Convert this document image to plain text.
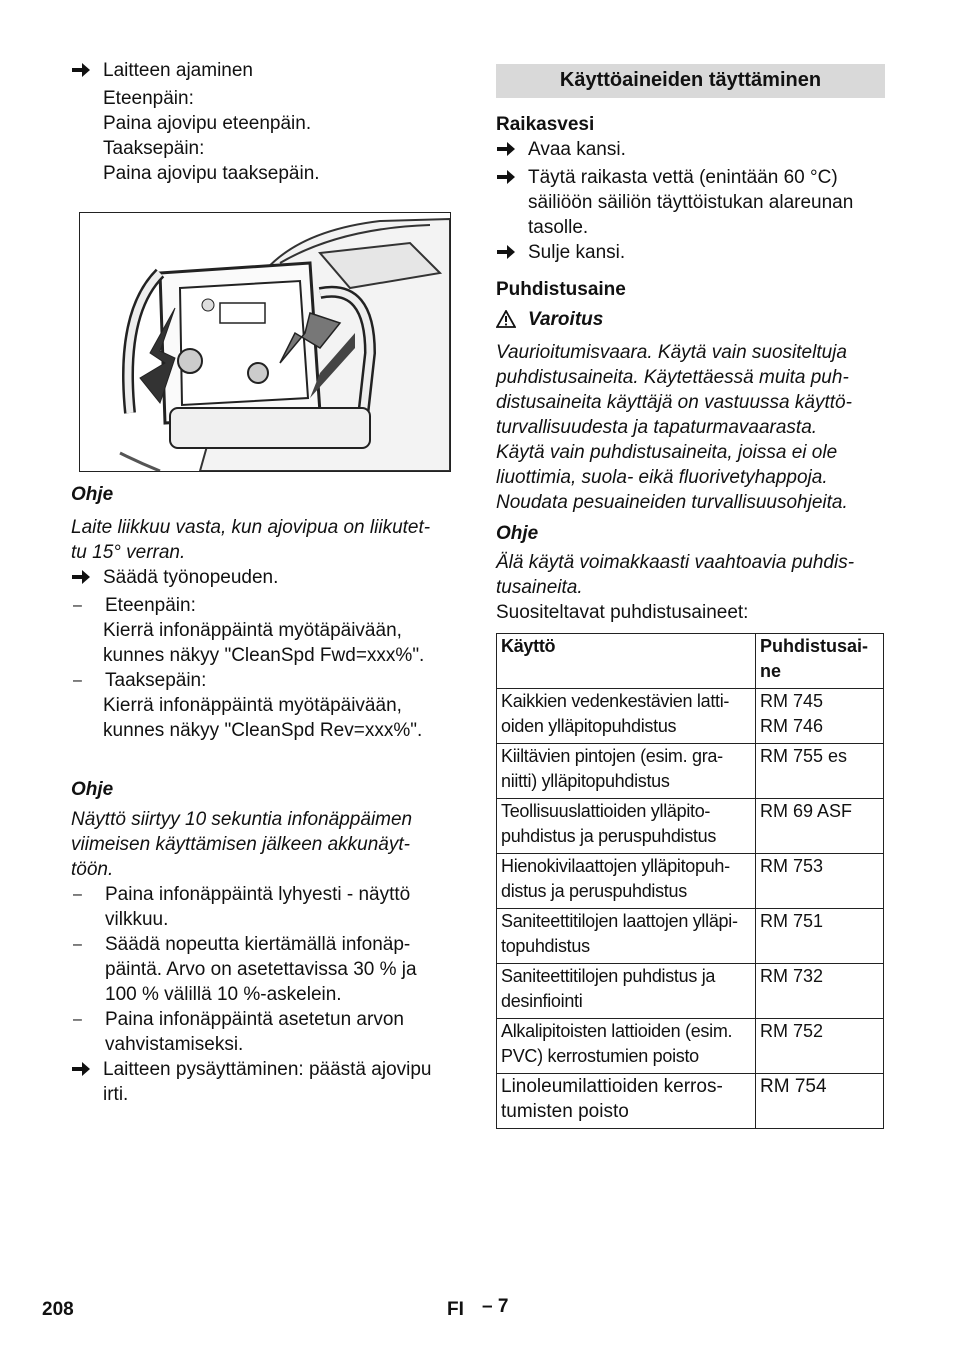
Laitteen ajaminen
Eteenpäin:
Paina ajovipu eteenpäin.
Taaksepäin:
Paina ajovipu taaksepäin.
Ohje
Laite liikkuu vasta, kun ajovipua on liikutet-
tu 15° verran.
Säädä työnopeuden.
–	Eteenpäin:
Kierrä infonäppäintä myötäpäivään,
kunnes näkyy "CleanSpd Fwd=xxx%".
–	Taaksepäin:
Kierrä infonäppäintä myötäpäivään,
kunnes näkyy "CleanSpd Rev=xxx%".
Ohje
Näyttö siirtyy 10 sekuntia infonäppäimen
viimeisen käyttämisen jälkeen akkunäyt-
töön.
–	Paina infonäppäintä lyhyesti - näyttö
vilkkuu.
–	Säädä nopeutta kiertämällä infonäp-
päintä. Arvo on asetettavissa 30 % ja
100 % välillä 10 %-askelein.
–	Paina infonäppäintä asetetun arvon
vahvistamiseksi.
Laitteen pysäyttäminen: päästä ajovipu
irti.
Käyttöaineiden täyttäminen
Raikasvesi
Avaa kansi.
Täytä raikasta vettä (enintään 60 °C)
säiliöön säiliön täyttöistukan alareunan
tasolle.
Sulje kansi.
Puhdistusaine
Varoitus
Vaurioitumisvaara. Käytä vain suositeltuja
puhdistusaineita. Käytettäessä muita puh-
distusaineita käyttäjä on vastuussa käyttö-
turvallisuudesta ja tapaturmavaarasta.
Käytä vain puhdistusaineita, joissa ei ole
liuottimia, suola- eikä fluorivetyhappoja.
Noudata pesuaineiden turvallisuusohjeita.
Ohje
Älä käytä voimakkaasti vaahtoavia puhdis-
tusaineita.
Suositeltavat puhdistusaineet:
Käyttö	Puhdistusai-
ne
Kaikkien vedenkestävien latti-
oiden ylläpitopuhdistus	RM 745
RM 746
Kiiltävien pintojen (esim. gra-
niitti) ylläpitopuhdistus	RM 755 es
Teollisuuslattioiden ylläpito-
puhdistus ja peruspuhdistus	RM 69 ASF
Hienokivilaattojen ylläpitopuh-
distus ja peruspuhdistus	RM 753
Saniteettitilojen laattojen ylläpi-
topuhdistus	RM 751
Saniteettitilojen puhdistus ja
desinfiointi	RM 732
Alkalipitoisten lattioiden (esim.
PVC) kerrostumien poisto	RM 752
Linoleumilattioiden kerros-
tumisten poisto	RM 754
208	FI – 7
